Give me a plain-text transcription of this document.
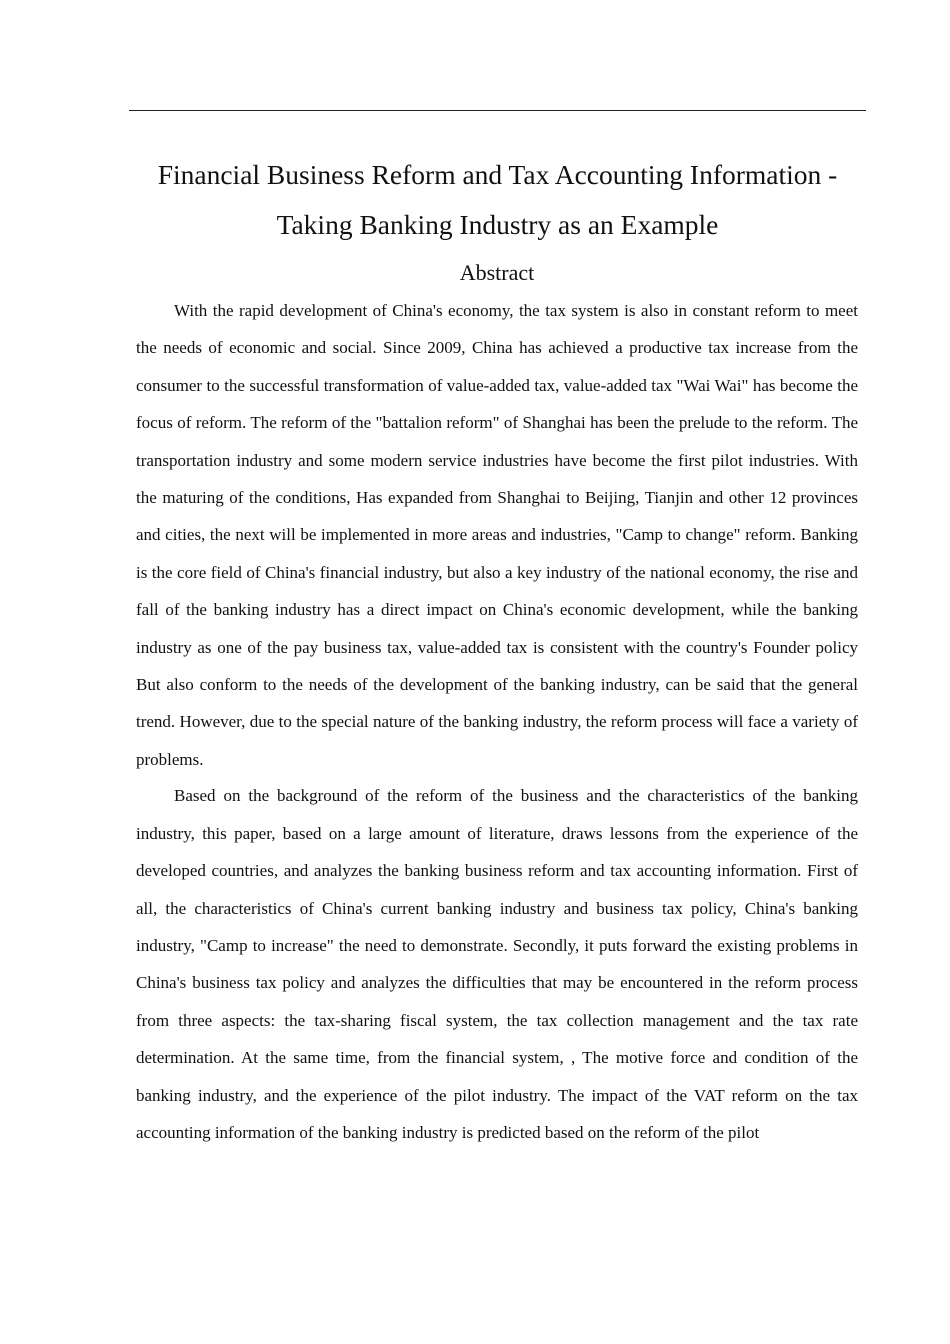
Financial Business Reform and Tax Accounting Information - Taking Banking Industry as an Example
Abstract

With the rapid development of China's economy, the tax system is also in constant reform to meet the needs of economic and social. Since 2009, China has achieved a productive tax increase from the consumer to the successful transformation of value-added tax, value-added tax "Wai Wai" has become the focus of reform. The reform of the "battalion reform" of Shanghai has been the prelude to the reform. The transportation industry and some modern service industries have become the first pilot industries. With the maturing of the conditions, Has expanded from Shanghai to Beijing, Tianjin and other 12 provinces and cities, the next will be implemented in more areas and industries, "Camp to change" reform. Banking is the core field of China's financial industry, but also a key industry of the national economy, the rise and fall of the banking industry has a direct impact on China's economic development, while the banking industry as one of the pay business tax, value-added tax is consistent with the country's Founder policy But also conform to the needs of the development of the banking industry, can be said that the general trend. However, due to the special nature of the banking industry, the reform process will face a variety of problems.

Based on the background of the reform of the business and the characteristics of the banking industry, this paper, based on a large amount of literature, draws lessons from the experience of the developed countries, and analyzes the banking business reform and tax accounting information. First of all, the characteristics of China's current banking industry and business tax policy, China's banking industry, "Camp to increase" the need to demonstrate. Secondly, it puts forward the existing problems in China's business tax policy and analyzes the difficulties that may be encountered in the reform process from three aspects: the tax-sharing fiscal system, the tax collection management and the tax rate determination. At the same time, from the financial system, , The motive force and condition of the banking industry, and the experience of the pilot industry. The impact of the VAT reform on the tax accounting information of the banking industry is predicted based on the reform of the pilot
